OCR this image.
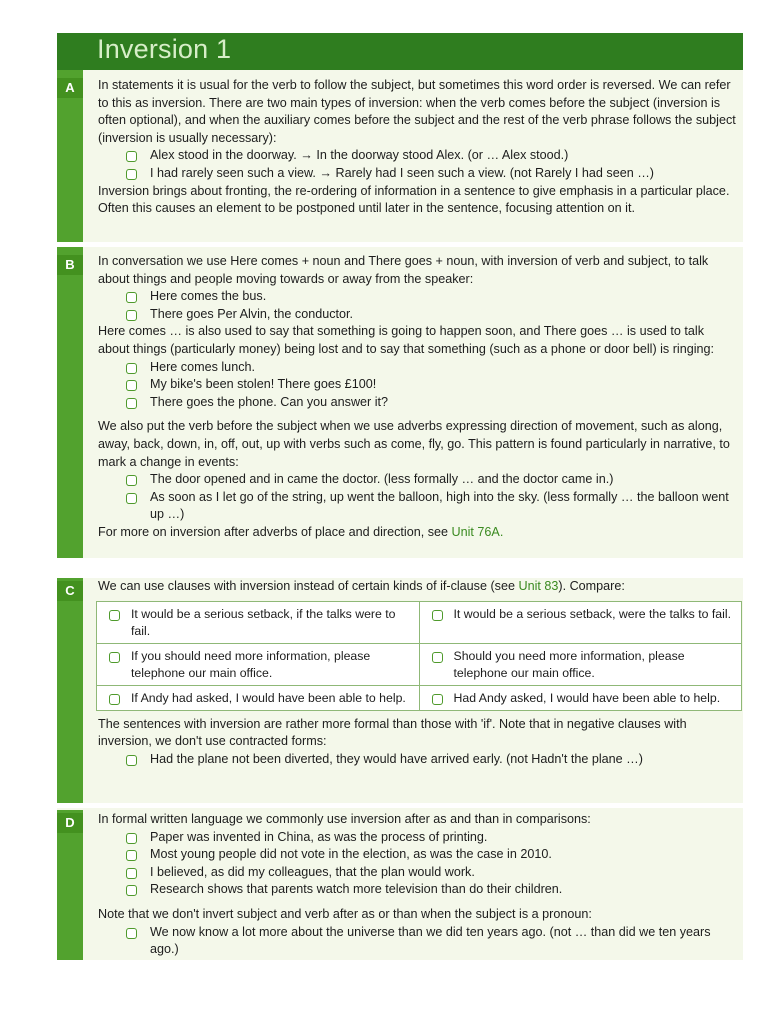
Inversion 1
A
B
C
D

In statements it is usual for the verb to follow the subject, but sometimes this word order is reversed. We can refer to this as inversion. There are two main types of inversion: when the verb comes before the subject (inversion is often optional), and when the auxiliary comes before the subject and the rest of the verb phrase follows the subject (inversion is usually necessary):

Alex stood in the doorway. → In the doorway stood Alex. (or … Alex stood.)

I had rarely seen such a view. → Rarely had I seen such a view. (not Rarely I had seen …)

Inversion brings about fronting, the re-ordering of information in a sentence to give emphasis in a particular place. Often this causes an element to be postponed until later in the sentence, focusing attention on it.

In conversation we use Here comes + noun and There goes + noun, with inversion of verb and subject, to talk about things and people moving towards or away from the speaker:

Here comes the bus.

There goes Per Alvin, the conductor.

Here comes … is also used to say that something is going to happen soon, and There goes … is used to talk about things (particularly money) being lost and to say that something (such as a phone or door bell) is ringing:

Here comes lunch.

My bike's been stolen! There goes £100!

There goes the phone. Can you answer it?

We also put the verb before the subject when we use adverbs expressing direction of movement, such as along, away, back, down, in, off, out, up with verbs such as come, fly, go. This pattern is found particularly in narrative, to mark a change in events:

The door opened and in came the doctor. (less formally … and the doctor came in.)

As soon as I let go of the string, up went the balloon, high into the sky. (less formally … the balloon went up …)

For more on inversion after adverbs of place and direction, see Unit 76A.

We can use clauses with inversion instead of certain kinds of if-clause (see Unit 83). Compare:

It would be a serious setback, if the talks were to fail.	It would be a serious setback, were the talks to fail.

If you should need more information, please telephone our main office.	Should you need more information, please telephone our main office.

If Andy had asked, I would have been able to help.	Had Andy asked, I would have been able to help.

The sentences with inversion are rather more formal than those with 'if'. Note that in negative clauses with inversion, we don't use contracted forms:

Had the plane not been diverted, they would have arrived early. (not Hadn't the plane …)

In formal written language we commonly use inversion after as and than in comparisons:

Paper was invented in China, as was the process of printing.

Most young people did not vote in the election, as was the case in 2010.

I believed, as did my colleagues, that the plan would work.

Research shows that parents watch more television than do their children.

Note that we don't invert subject and verb after as or than when the subject is a pronoun:

We now know a lot more about the universe than we did ten years ago. (not … than did we ten years ago.)
